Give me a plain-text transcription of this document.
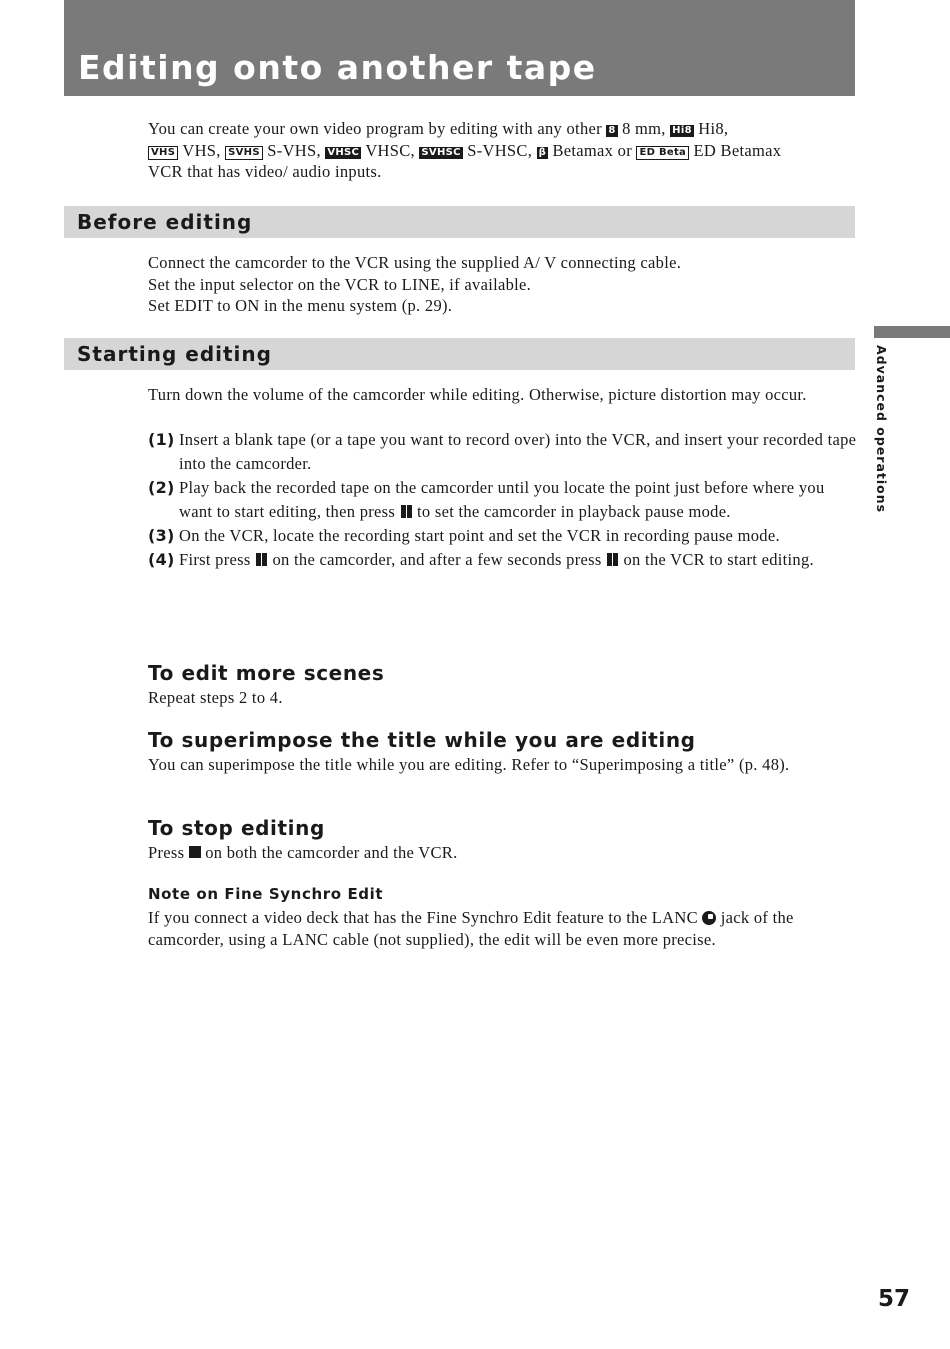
Editing onto another tape
You can create your own video program by editing with any other 8 8 mm, Hi8 Hi8,
VHS VHS, SVHS S-VHS, VHSC VHSC, SVHSC S-VHSC, β Betamax or ED Beta ED Betamax
VCR that has video/ audio inputs.
Before editing

Connect the camcorder to the VCR using the supplied A/ V connecting cable.

Set the input selector on the VCR to LINE, if available.

Set EDIT to ON in the menu system (p. 29).

Starting editing

Turn down the volume of the camcorder while editing. Otherwise, picture distortion may occur.

(1) Insert a blank tape (or a tape you want to record over) into the VCR, and insert your recorded tape into the camcorder.
(2) Play back the recorded tape on the camcorder until you locate the point just before where you want to start editing, then press to set the camcorder in playback pause mode.
(3) On the VCR, locate the recording start point and set the VCR in recording pause mode.
(4) First press on the camcorder, and after a few seconds press on the VCR to start editing.
To edit more scenes

Repeat steps 2 to 4.

To superimpose the title while you are editing

You can superimpose the title while you are editing. Refer to “Superimposing a title” (p. 48).

To stop editing

Press on both the camcorder and the VCR.

Note on Fine Synchro Edit

If you connect a video deck that has the Fine Synchro Edit feature to the LANC jack of the camcorder, using a LANC cable (not supplied), the edit will be even more precise.

Advanced operations
57
